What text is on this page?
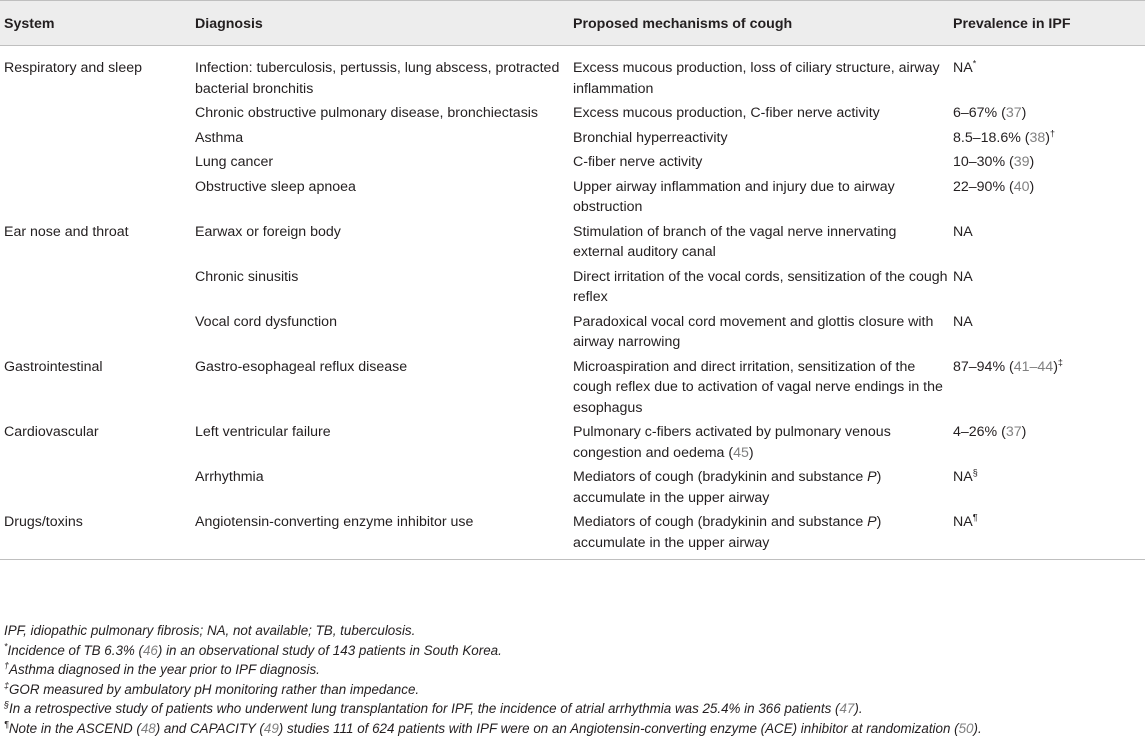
System	Diagnosis	Proposed mechanisms of cough	Prevalence in IPF
Respiratory and sleep	Infection: tuberculosis, pertussis, lung abscess, protracted bacterial bronchitis	Excess mucous production, loss of ciliary structure, airway inflammation	NA*
	Chronic obstructive pulmonary disease, bronchiectasis	Excess mucous production, C-fiber nerve activity	6–67% (37)
	Asthma	Bronchial hyperreactivity	8.5–18.6% (38)†
	Lung cancer	C-fiber nerve activity	10–30% (39)
	Obstructive sleep apnoea	Upper airway inflammation and injury due to airway obstruction	22–90% (40)
Ear nose and throat	Earwax or foreign body	Stimulation of branch of the vagal nerve innervating external auditory canal	NA
	Chronic sinusitis	Direct irritation of the vocal cords, sensitization of the cough reflex	NA
	Vocal cord dysfunction	Paradoxical vocal cord movement and glottis closure with airway narrowing	NA
Gastrointestinal	Gastro-esophageal reflux disease	Microaspiration and direct irritation, sensitization of the cough reflex due to activation of vagal nerve endings in the esophagus	87–94% (41–44)‡
Cardiovascular	Left ventricular failure	Pulmonary c-fibers activated by pulmonary venous congestion and oedema (45)	4–26% (37)
	Arrhythmia	Mediators of cough (bradykinin and substance P) accumulate in the upper airway	NA§
Drugs/toxins	Angiotensin-converting enzyme inhibitor use	Mediators of cough (bradykinin and substance P) accumulate in the upper airway	NA¶
IPF, idiopathic pulmonary fibrosis; NA, not available; TB, tuberculosis.
*Incidence of TB 6.3% (46) in an observational study of 143 patients in South Korea.
†Asthma diagnosed in the year prior to IPF diagnosis.
‡GOR measured by ambulatory pH monitoring rather than impedance.
§In a retrospective study of patients who underwent lung transplantation for IPF, the incidence of atrial arrhythmia was 25.4% in 366 patients (47).
¶Note in the ASCEND (48) and CAPACITY (49) studies 111 of 624 patients with IPF were on an Angiotensin-converting enzyme (ACE) inhibitor at randomization (50).
